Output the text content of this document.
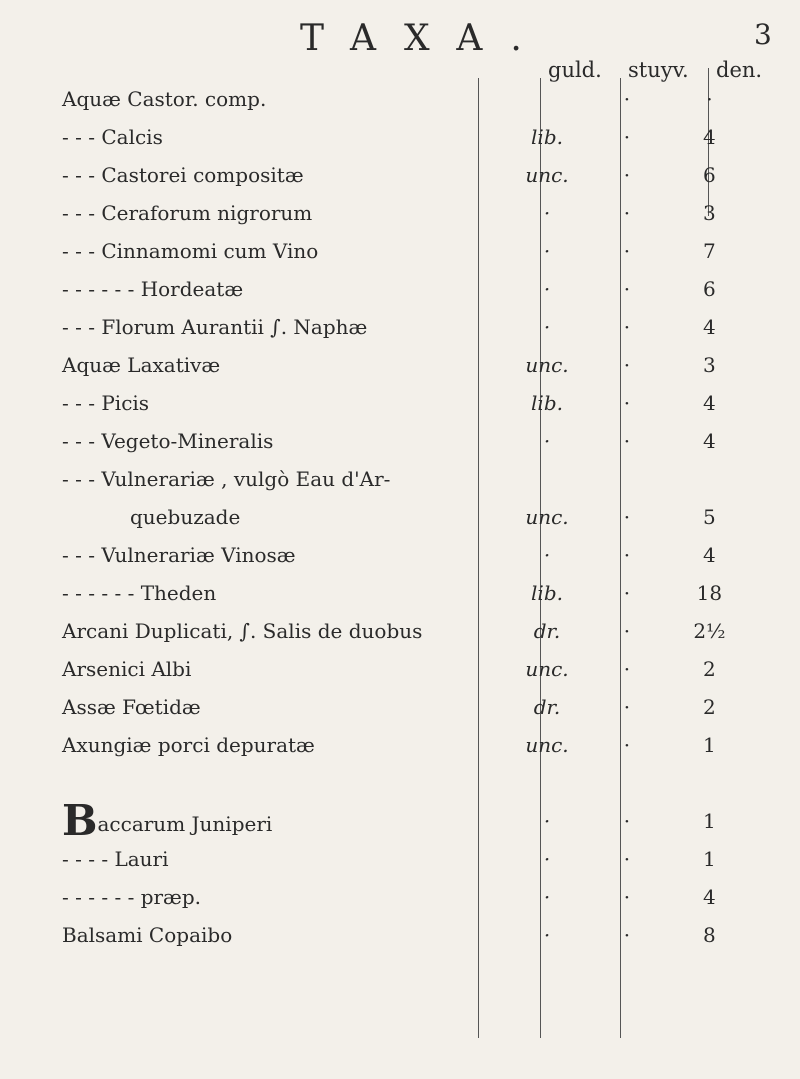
TAXA.	3
guld. stuyv. den.
Aquæ Castor. comp.		·	·
- - - Calcis	lib.	·	4
- - - Castorei compositæ	unc.	·	6
- - - Ceraforum nigrorum	·	·	3
- - - Cinnamomi cum Vino	·	·	7
- - - - - - Hordeatæ	·	·	6
- - - Florum Aurantii ∫. Naphæ	·	·	4
Aquæ Laxativæ	unc.	·	3
- - - Picis	lib.	·	4
- - - Vegeto-Mineralis	·	·	4
- - - Vulnerariæ , vulgò Eau d'Ar-			
quebuzade	unc.	·	5
- - - Vulnerariæ Vinosæ	·	·	4
- - - - - - Theden	lib.	·	18
Arcani Duplicati, ∫. Salis de duobus	dr.	·	2½
Arsenici Albi	unc.	·	2
Assæ Fœtidæ	dr.	·	2
Axungiæ porci depuratæ	unc.	·	1

Baccarum Juniperi	·	·	1
- - - - Lauri	·	·	1
- - - - - - præp.	·	·	4
Balsami Copaibo	·	·	8
